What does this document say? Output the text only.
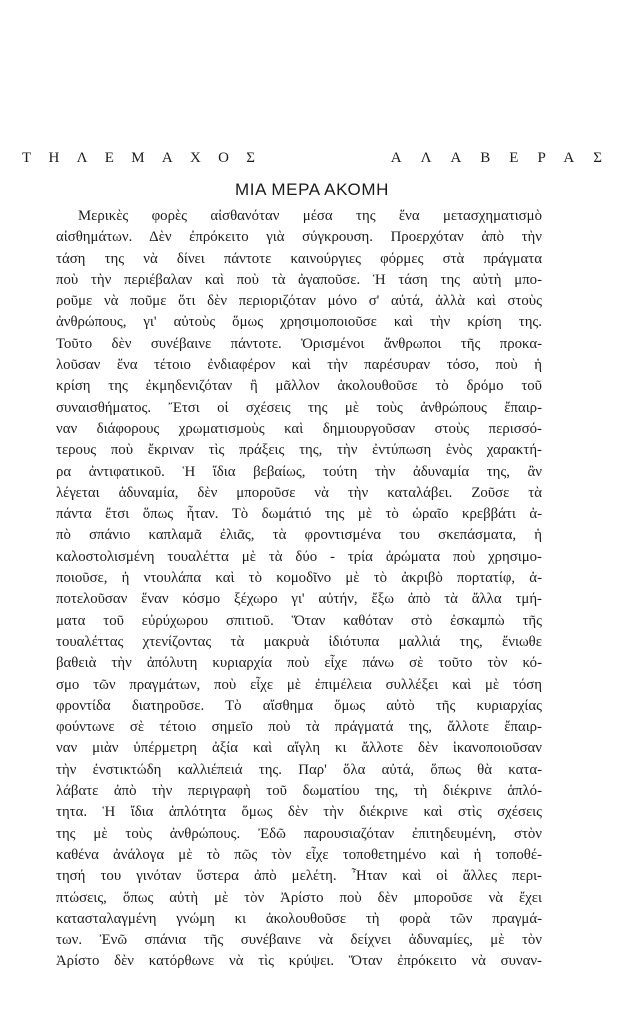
ΤΗΛΕΜΑΧΟΣ	ΑΛΑΒΕΡΑΣ
ΜΙΑ ΜΕΡΑ ΑΚΟΜΗ
Μερικὲς φορὲς αἰσθανόταν μέσα της ἕνα μετασχηματισμὸ
αἰσθημάτων. Δὲν ἐπρόκειτο γιὰ σύγκρουση. Προερχόταν ἀπὸ τὴν
τάση της νὰ δίνει πάντοτε καινούργιες φόρμες στὰ πράγματα
ποὺ τὴν περιέβαλαν καὶ ποὺ τὰ ἀγαποῦσε. Ἡ τάση της αὐτὴ μπο-
ροῦμε νὰ ποῦμε ὅτι δὲν περιοριζόταν μόνο σ' αὐτά, ἀλλὰ καὶ στοὺς
ἀνθρώπους, γι' αὐτοὺς ὅμως χρησιμοποιοῦσε καὶ τὴν κρίση της.
Τοῦτο δὲν συνέβαινε πάντοτε. Ὁρισμένοι ἄνθρωποι τῆς προκα-
λοῦσαν ἕνα τέτοιο ἐνδιαφέρον καὶ τὴν παρέσυραν τόσο, ποὺ ἡ
κρίση της ἐκμηδενιζόταν ἢ μᾶλλον ἀκολουθοῦσε τὸ δρόμο τοῦ
συναισθήματος. Ἔτσι οἱ σχέσεις της μὲ τοὺς ἀνθρώπους ἔπαιρ-
ναν διάφορους χρωματισμοὺς καὶ δημιουργοῦσαν στοὺς περισσό-
τερους ποὺ ἔκριναν τὶς πράξεις της, τὴν ἐντύπωση ἑνὸς χαρακτή-
ρα ἀντιφατικοῦ. Ἡ ἴδια βεβαίως, τούτη τὴν ἀδυναμία της, ἂν
λέγεται ἀδυναμία, δὲν μποροῦσε νὰ τὴν καταλάβει. Ζοῦσε τὰ
πάντα ἔτσι ὅπως ἦταν. Τὸ δωμάτιό της μὲ τὸ ὡραῖο κρεββάτι ἀ-
πὸ σπάνιο καπλαμᾶ ἐλιᾶς, τὰ φροντισμένα του σκεπάσματα, ἡ
καλοστολισμένη τουαλέττα μὲ τὰ δύο - τρία ἀρώματα ποὺ χρησιμο-
ποιοῦσε, ἡ ντουλάπα καὶ τὸ κομοδῖνο μὲ τὸ ἀκριβὸ πορτατίφ, ἀ-
ποτελοῦσαν ἕναν κόσμο ξέχωρο γι' αὐτήν, ἔξω ἀπὸ τὰ ἄλλα τμή-
ματα τοῦ εὐρύχωρου σπιτιοῦ. Ὅταν καθόταν στὸ ἐσκαμπὼ τῆς
τουαλέττας χτενίζοντας τὰ μακρυὰ ἰδιότυπα μαλλιά της, ἔνιωθε
βαθειὰ τὴν ἀπόλυτη κυριαρχία ποὺ εἶχε πάνω σὲ τοῦτο τὸν κό-
σμο τῶν πραγμάτων, ποὺ εἶχε μὲ ἐπιμέλεια συλλέξει καὶ μὲ τόση
φροντίδα διατηροῦσε. Τὸ αἴσθημα ὅμως αὐτὸ τῆς κυριαρχίας
φούντωνε σὲ τέτοιο σημεῖο ποὺ τὰ πράγματά της, ἄλλοτε ἔπαιρ-
ναν μιὰν ὑπέρμετρη ἀξία καὶ αἴγλη κι ἄλλοτε δὲν ἱκανοποιοῦσαν
τὴν ἐνστικτώδη καλλιέπειά της. Παρ' ὅλα αὐτά, ὅπως θὰ κατα-
λάβατε ἀπὸ τὴν περιγραφὴ τοῦ δωματίου της, τὴ διέκρινε ἁπλό-
τητα. Ἡ ἴδια ἁπλότητα ὅμως δὲν τὴν διέκρινε καὶ στὶς σχέσεις
της μὲ τοὺς ἀνθρώπους. Ἐδῶ παρουσιαζόταν ἐπιτηδευμένη, στὸν
καθένα ἀνάλογα μὲ τὸ πῶς τὸν εἶχε τοποθετημένο καὶ ἡ τοποθέ-
τησή του γινόταν ὕστερα ἀπὸ μελέτη. Ἦταν καὶ οἱ ἄλλες περι-
πτώσεις, ὅπως αὐτὴ μὲ τὸν Ἀρίστο ποὺ δὲν μποροῦσε νὰ ἔχει
κατασταλαγμένη γνώμη κι ἀκολουθοῦσε τὴ φορὰ τῶν πραγμά-
των. Ἐνῶ σπάνια τῆς συνέβαινε νὰ δείχνει ἀδυναμίες, μὲ τὸν
Ἀρίστο δὲν κατόρθωνε νὰ τὶς κρύψει. Ὅταν ἐπρόκειτο νὰ συναν-
